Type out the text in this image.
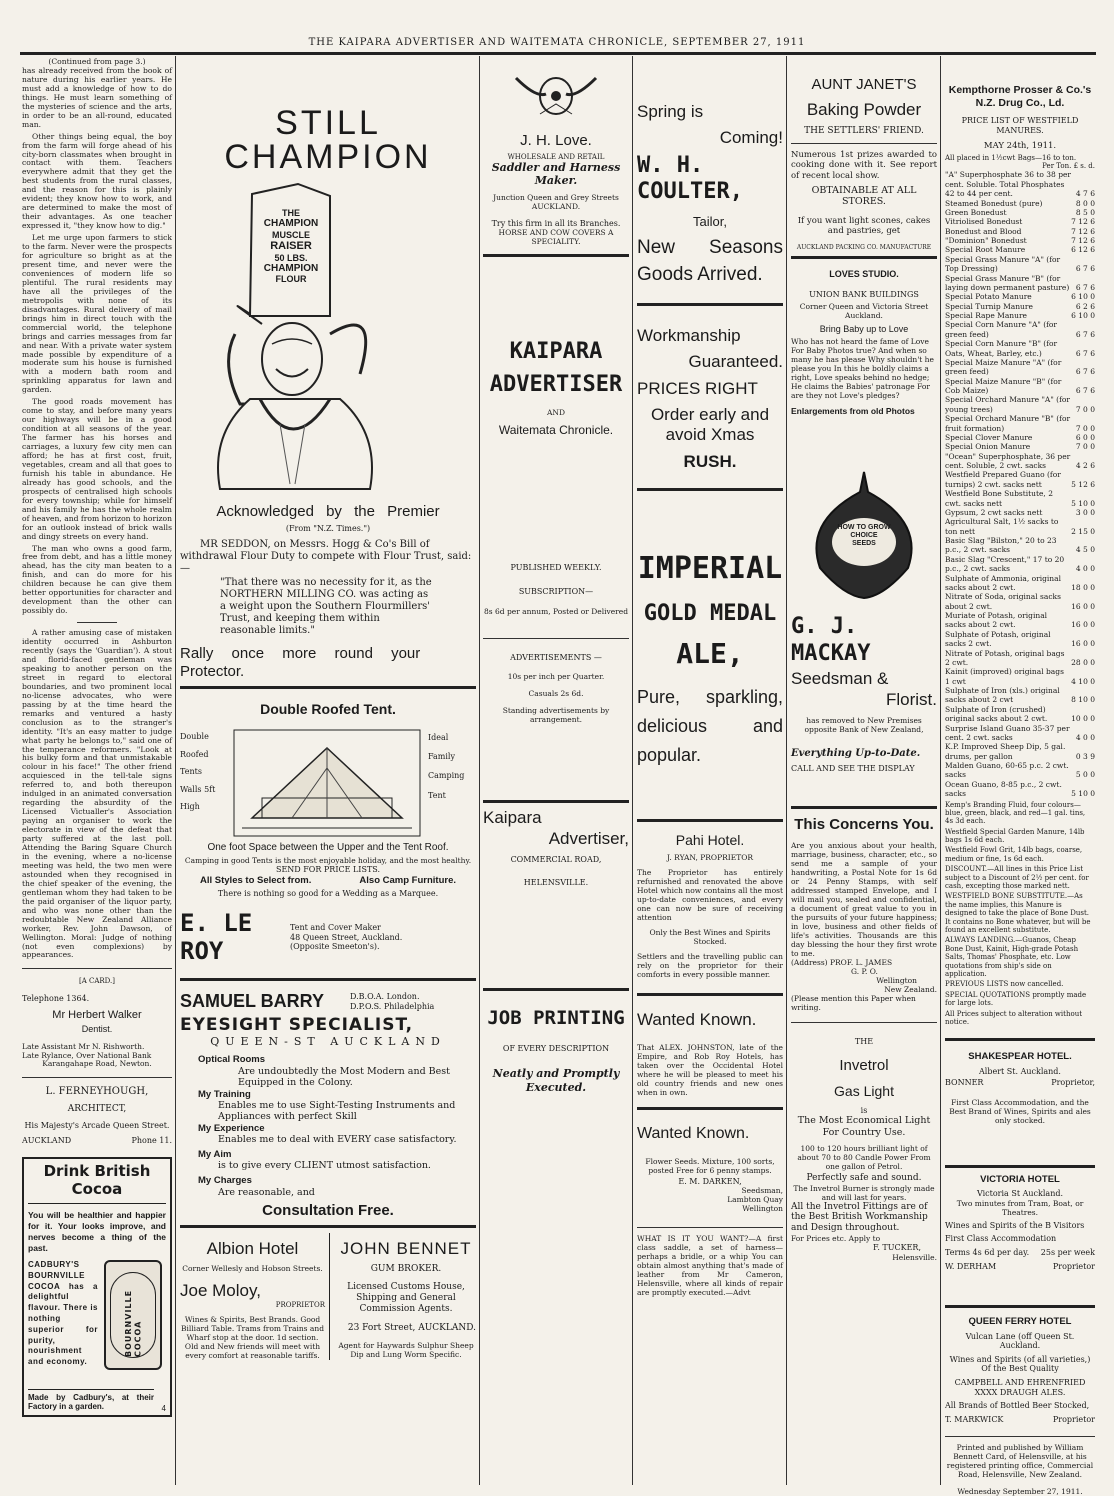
THE KAIPARA ADVERTISER AND WAITEMATA CHRONICLE, SEPTEMBER 27, 1911
(Continued from page 3.)
has already received from the book of nature during his earlier years. He must add a knowledge of how to do things. He must learn something of the mysteries of science and the arts, in order to be an all-round, educated man.
Other things being equal, the boy from the farm will forge ahead of his city-born classmates when brought in contact with them. Teachers everywhere admit that they get the best students from the rural classes, and the reason for this is plainly evident; they know how to work, and are determined to make the most of their advantages. As one teacher expressed it, "they know how to dig."
Let me urge upon farmers to stick to the farm. Never were the prospects for agriculture so bright as at the present time, and never were the conveniences of modern life so plentiful. The rural residents may have all the privileges of the metropolis with none of its disadvantages. Rural delivery of mail brings him in direct touch with the commercial world, the telephone brings and carries messages from far and near. With a private water system made possible by expenditure of a moderate sum his house is furnished with a modern bath room and sprinkling apparatus for lawn and garden.
The good roads movement has come to stay, and before many years our highways will be in a good condition at all seasons of the year. The farmer has his horses and carriages, a luxury few city men can afford; he has at first cost, fruit, vegetables, cream and all that goes to furnish his table in abundance. He already has good schools, and the prospects of centralised high schools for every township; while for himself and his family he has the whole realm of heaven, and from horizon to horizon for an outlook instead of brick walls and dingy streets on every hand.
The man who owns a good farm, free from debt, and has a little money ahead, has the city man beaten to a finish, and can do more for his children because he can give them better opportunities for character and development than the other can possibly do.
A rather amusing case of mistaken identity occurred in Ashburton recently (says the 'Guardian'). A stout and florid-faced gentleman was speaking to another person on the street in regard to electoral boundaries, and two prominent local no-license advocates, who were passing by at the time heard the remarks and ventured a hasty conclusion as to the stranger's identity. "It's an easy matter to judge what party he belongs to," said one of the temperance reformers. "Look at his bulky form and that unmistakable colour in his face!" The other friend acquiesced in the tell-tale signs referred to, and both thereupon indulged in an animated conversation regarding the absurdity of the Licensed Victualler's Association paying an organiser to work the electorate in view of the defeat that party suffered at the last poll. Attending the Baring Square Church in the evening, where a no-license meeting was held, the two men were astounded when they recognised in the chief speaker of the evening, the gentleman whom they had taken to be the paid organiser of the liquor party, and who was none other than the redoubtable New Zealand Alliance worker, Rev. John Dawson, of Wellington. Moral: Judge of nothing (not even complexions) by appearances.
[A CARD.]
Telephone 1364.
Mr Herbert Walker
Dentist.
Late Assistant Mr N. Rishworth.
Late Rylance, Over National Bank
Karangahape Road, Newton.
L. FERNEYHOUGH,
ARCHITECT,
His Majesty's Arcade Queen Street.
AUCKLAND	Phone 11.
Drink British Cocoa
You will be healthier and happier for it. Your looks improve, and nerves become a thing of the past.
CADBURY'S BOURNVILLE COCOA has a delightful flavour. There is nothing superior for purity, nourishment and economy.
BOURNVILLE COCOA
Made by Cadbury's, at their Factory in a garden.	4
STILL
CHAMPION
THE
CHAMPION
MUSCLE
RAISER
50 LBS.
CHAMPION
FLOUR
Acknowledged by the Premier
(From "N.Z. Times.")
MR SEDDON, on Messrs. Hogg & Co's Bill of withdrawal Flour Duty to compete with Flour Trust, said:—
"That there was no necessity for it, as the NORTHERN MILLING CO. was acting as a weight upon the Southern Flourmillers' Trust, and keeping them within reasonable limits."
Rally once more round your Protector.
Double Roofed Tent.
Double
Roofed
Tents
Walls 5ft
High
Ideal
Family
Camping
Tent
One foot Space between the Upper and the Tent Roof.
Camping in good Tents is the most enjoyable holiday, and the most healthy.
SEND FOR PRICE LISTS.
All Styles to Select from.	Also Camp Furniture.
There is nothing so good for a Wedding as a Marquee.
E. LE ROY
Tent and Cover Maker
48 Queen Street, Auckland.
(Opposite Smeeton's).
SAMUEL BARRY	D.B.O.A. London.
D.P.O.S. Philadelphia
EYESIGHT SPECIALIST,
QUEEN-ST AUCKLAND
Optical Rooms
Are undoubtedly the Most Modern and Best Equipped in the Colony.
My Training
Enables me to use Sight-Testing Instruments and Appliances with perfect Skill
My Experience
Enables me to deal with EVERY case satisfactory.
My Aim
is to give every CLIENT utmost satisfaction.
My Charges
Are reasonable, and
Consultation Free.
Albion Hotel
Corner Wellesly and Hobson Streets.
Joe Moloy,
PROPRIETOR
Wines & Spirits, Best Brands. Good Billiard Table. Trams from Trains and Wharf stop at the door. 1d section. Old and New friends will meet with every comfort at reasonable tariffs.
JOHN BENNET
GUM BROKER.
Licensed Customs House, Shipping and General Commission Agents.
23 Fort Street, AUCKLAND.
Agent for Haywards Sulphur Sheep Dip and Lung Worm Specific.
J. H. Love.
WHOLESALE AND RETAIL
Saddler and Harness Maker.
Junction Queen and Grey Streets
AUCKLAND.
Try this firm in all its Branches.
HORSE AND COW COVERS A SPECIALITY.
KAIPARA
ADVERTISER
AND
Waitemata Chronicle.
PUBLISHED WEEKLY.
SUBSCRIPTION—
8s 6d per annum, Posted or Delivered
ADVERTISEMENTS —
10s per inch per Quarter.
Casuals 2s 6d.
Standing advertisements by arrangement.
Kaipara
Advertiser,
COMMERCIAL ROAD,
HELENSVILLE.
JOB PRINTING
OF EVERY DESCRIPTION
Neatly and Promptly Executed.
Spring is
Coming!
W. H. COULTER,
Tailor,
New Seasons
Goods Arrived.
Workmanship
Guaranteed.
PRICES RIGHT
Order early and avoid Xmas
RUSH.
IMPERIAL
GOLD MEDAL
ALE,
Pure, sparkling, delicious and popular.
Pahi Hotel.
J. RYAN, PROPRIETOR
The Proprietor has entirely refurnished and renovated the above Hotel which now contains all the most up-to-date conveniences, and every one can now be sure of receiving attention
Only the Best Wines and Spirits Stocked.
Settlers and the travelling public can rely on the proprietor for their comforts in every possible manner.
Wanted Known.
That ALEX. JOHNSTON, late of the Empire, and Rob Roy Hotels, has taken over the Occidental Hotel where he will be pleased to meet his old country friends and new ones when in own.
Wanted Known.
Flower Seeds. Mixture, 100 sorts, posted Free for 6 penny stamps.
E. M. DARKEN,
Seedsman,
Lambton Quay
Wellington
WHAT IS IT YOU WANT?—A first class saddle, a set of harness—perhaps a bridle, or a whip You can obtain almost anything that's made of leather from Mr Cameron, Helensville, where all kinds of repair are promptly executed.—Advt
AUNT JANET'S
Baking Powder
THE SETTLERS' FRIEND.
Numerous 1st prizes awarded to cooking done with it. See report of recent local show.
OBTAINABLE AT ALL STORES.
If you want light scones, cakes and pastries, get
AUCKLAND PACKING CO. MANUFACTURE
LOVES STUDIO.
UNION BANK BUILDINGS
Corner Queen and Victoria Street Auckland.
Bring Baby up to Love
Who has not heard the fame of Love For Baby Photos true? And when so many he has please Why shouldn't he please you In this he boldly claims a right, Love speaks behind no hedge; He claims the Babies' patronage For are they not Love's pledges?
Enlargements from old Photos
HOW TO GROW
CHOICE
SEEDS
G. J. MACKAY
Seedsman &
Florist.
has removed to New Premises opposite Bank of New Zealand,
Everything Up-to-Date.
CALL AND SEE THE DISPLAY
This Concerns You.
Are you anxious about your health, marriage, business, character, etc., so send me a sample of your handwriting, a Postal Note for 1s 6d or 24 Penny Stamps, with self addressed stamped Envelope, and I will mail you, sealed and confidential, a document of great value to you in the pursuits of your future happiness; in love, business and other fields of life's activities. Thousands are this day blessing the hour they first wrote to me.
(Address) PROF. L. JAMES
G. P. O.
Wellington
New Zealand.
(Please mention this Paper when writing.
THE
Invetrol
Gas Light
is
The Most Economical Light For Country Use.
100 to 120 hours brilliant light of about 70 to 80 Candle Power From one gallon of Petrol.
Perfectly safe and sound.
The Invetrol Burner is strongly made and will last for years.
All the Invetrol Fittings are of the Best British Workmanship and Design throughout.
For Prices etc. Apply to
F. TUCKER,
Helensville.
Kempthorne Prosser & Co.'s N.Z. Drug Co., Ld.
PRICE LIST OF WESTFIELD MANURES.
MAY 24th, 1911.
All placed in 1½cwt Bags—16 to ton.
Per Ton. £ s. d.
"A" Superphosphate 36 to 38 per cent. Soluble. Total Phosphates 42 to 44 per cent.	4 7 6
Steamed Bonedust (pure)	8 0 0
Green Bonedust	8 5 0
Vitriolised Bonedust	7 12 6
Bonedust and Blood	7 12 6
"Dominion" Bonedust	7 12 6
Special Root Manure	6 12 6
Special Grass Manure "A" (for Top Dressing)	6 7 6
Special Grass Manure "B" (for laying down permanent pasture) 6 7 6
Special Potato Manure	6 10 0
Special Turnip Manure	6 2 6
Special Rape Manure	6 10 0
Special Corn Manure "A" (for green feed)	6 7 6
Special Corn Manure "B" (for Oats, Wheat, Barley, etc.)	6 7 6
Special Maize Manure "A" (for green feed)	6 7 6
Special Maize Manure "B" (for Cob Maize)	6 7 6
Special Orchard Manure "A" (for young trees)	7 0 0
Special Orchard Manure "B" (for fruit formation)	7 0 0
Special Clover Manure	6 0 0
Special Onion Manure	7 0 0
"Ocean" Superphosphate, 36 per cent. Soluble, 2 cwt. sacks	4 2 6
Westfield Prepared Guano (for turnips) 2 cwt. sacks nett	5 12 6
Westfield Bone Substitute, 2 cwt. sacks nett	5 10 0
Gypsum, 2 cwt sacks nett	3 0 0
Agricultural Salt, 1½ sacks to ton nett	2 15 0
Basic Slag "Bilston," 20 to 23 p.c., 2 cwt. sacks	4 5 0
Basic Slag "Crescent," 17 to 20 p.c., 2 cwt. sacks	4 0 0
Sulphate of Ammonia, original sacks about 2 cwt.	18 0 0
Nitrate of Soda, original sacks about 2 cwt.	16 0 0
Muriate of Potash, original sacks about 2 cwt.	16 0 0
Sulphate of Potash, original sacks 2 cwt.	16 0 0
Nitrate of Potash, original bags 2 cwt.	28 0 0
Kainit (improved) original bags 1 cwt	4 10 0
Sulphate of Iron (xls.) original sacks about 2 cwt	8 10 0
Sulphate of Iron (crushed) original sacks about 2 cwt.	10 0 0
Surprise Island Guano 35-37 per cent. 2 cwt. sacks	4 0 0
K.P. Improved Sheep Dip, 5 gal. drums, per gallon	0 3 9
Malden Guano, 60-65 p.c. 2 cwt. sacks	5 0 0
Ocean Guano, 8-85 p.c., 2 cwt. sacks	5 10 0
Kemp's Branding Fluid, four colours—blue, green, black, and red—1 gal. tins, 4s 3d each.
Westfield Special Garden Manure, 14lb bags 1s 6d each.
Westfield Fowl Grit, 14lb bags, coarse, medium or fine, 1s 6d each.
DISCOUNT.—All lines in this Price List subject to a Discount of 2½ per cent. for cash, excepting those marked nett.
WESTFIELD BONE SUBSTITUTE.—As the name implies, this Manure is designed to take the place of Bone Dust. It contains no Bone whatever, but will be found an excellent substitute.
ALWAYS LANDING.—Guanos, Cheap Bone Dust, Kainit, High-grade Potash Salts, Thomas' Phosphate, etc. Low quotations from ship's side on application.
PREVIOUS LISTS now cancelled.
SPECIAL QUOTATIONS promptly made for large lots.
All Prices subject to alteration without notice.
SHAKESPEAR HOTEL.
Albert St. Auckland.
BONNER	Proprietor,
First Class Accommodation, and the Best Brand of Wines, Spirits and ales only stocked.
VICTORIA HOTEL
Victoria St Auckland.
Two minutes from Tram, Boat, or Theatres.
Wines and Spirits of the B Visitors
First Class Accommodation
Terms 4s 6d per day. 25s per week
W. DERHAM	Proprietor
QUEEN FERRY HOTEL
Vulcan Lane (off Queen St. Auckland.
Wines and Spirits (of all varieties,)
Of the Best Quality
CAMPBELL AND EHRENFRIED XXXX DRAUGH ALES.
All Brands of Bottled Beer Stocked,
T. MARKWICK	Proprietor
Printed and published by William Bennett Card, of Helensville, at his registered printing office, Commercial Road, Helensville, New Zealand.
Wednesday September 27, 1911.
